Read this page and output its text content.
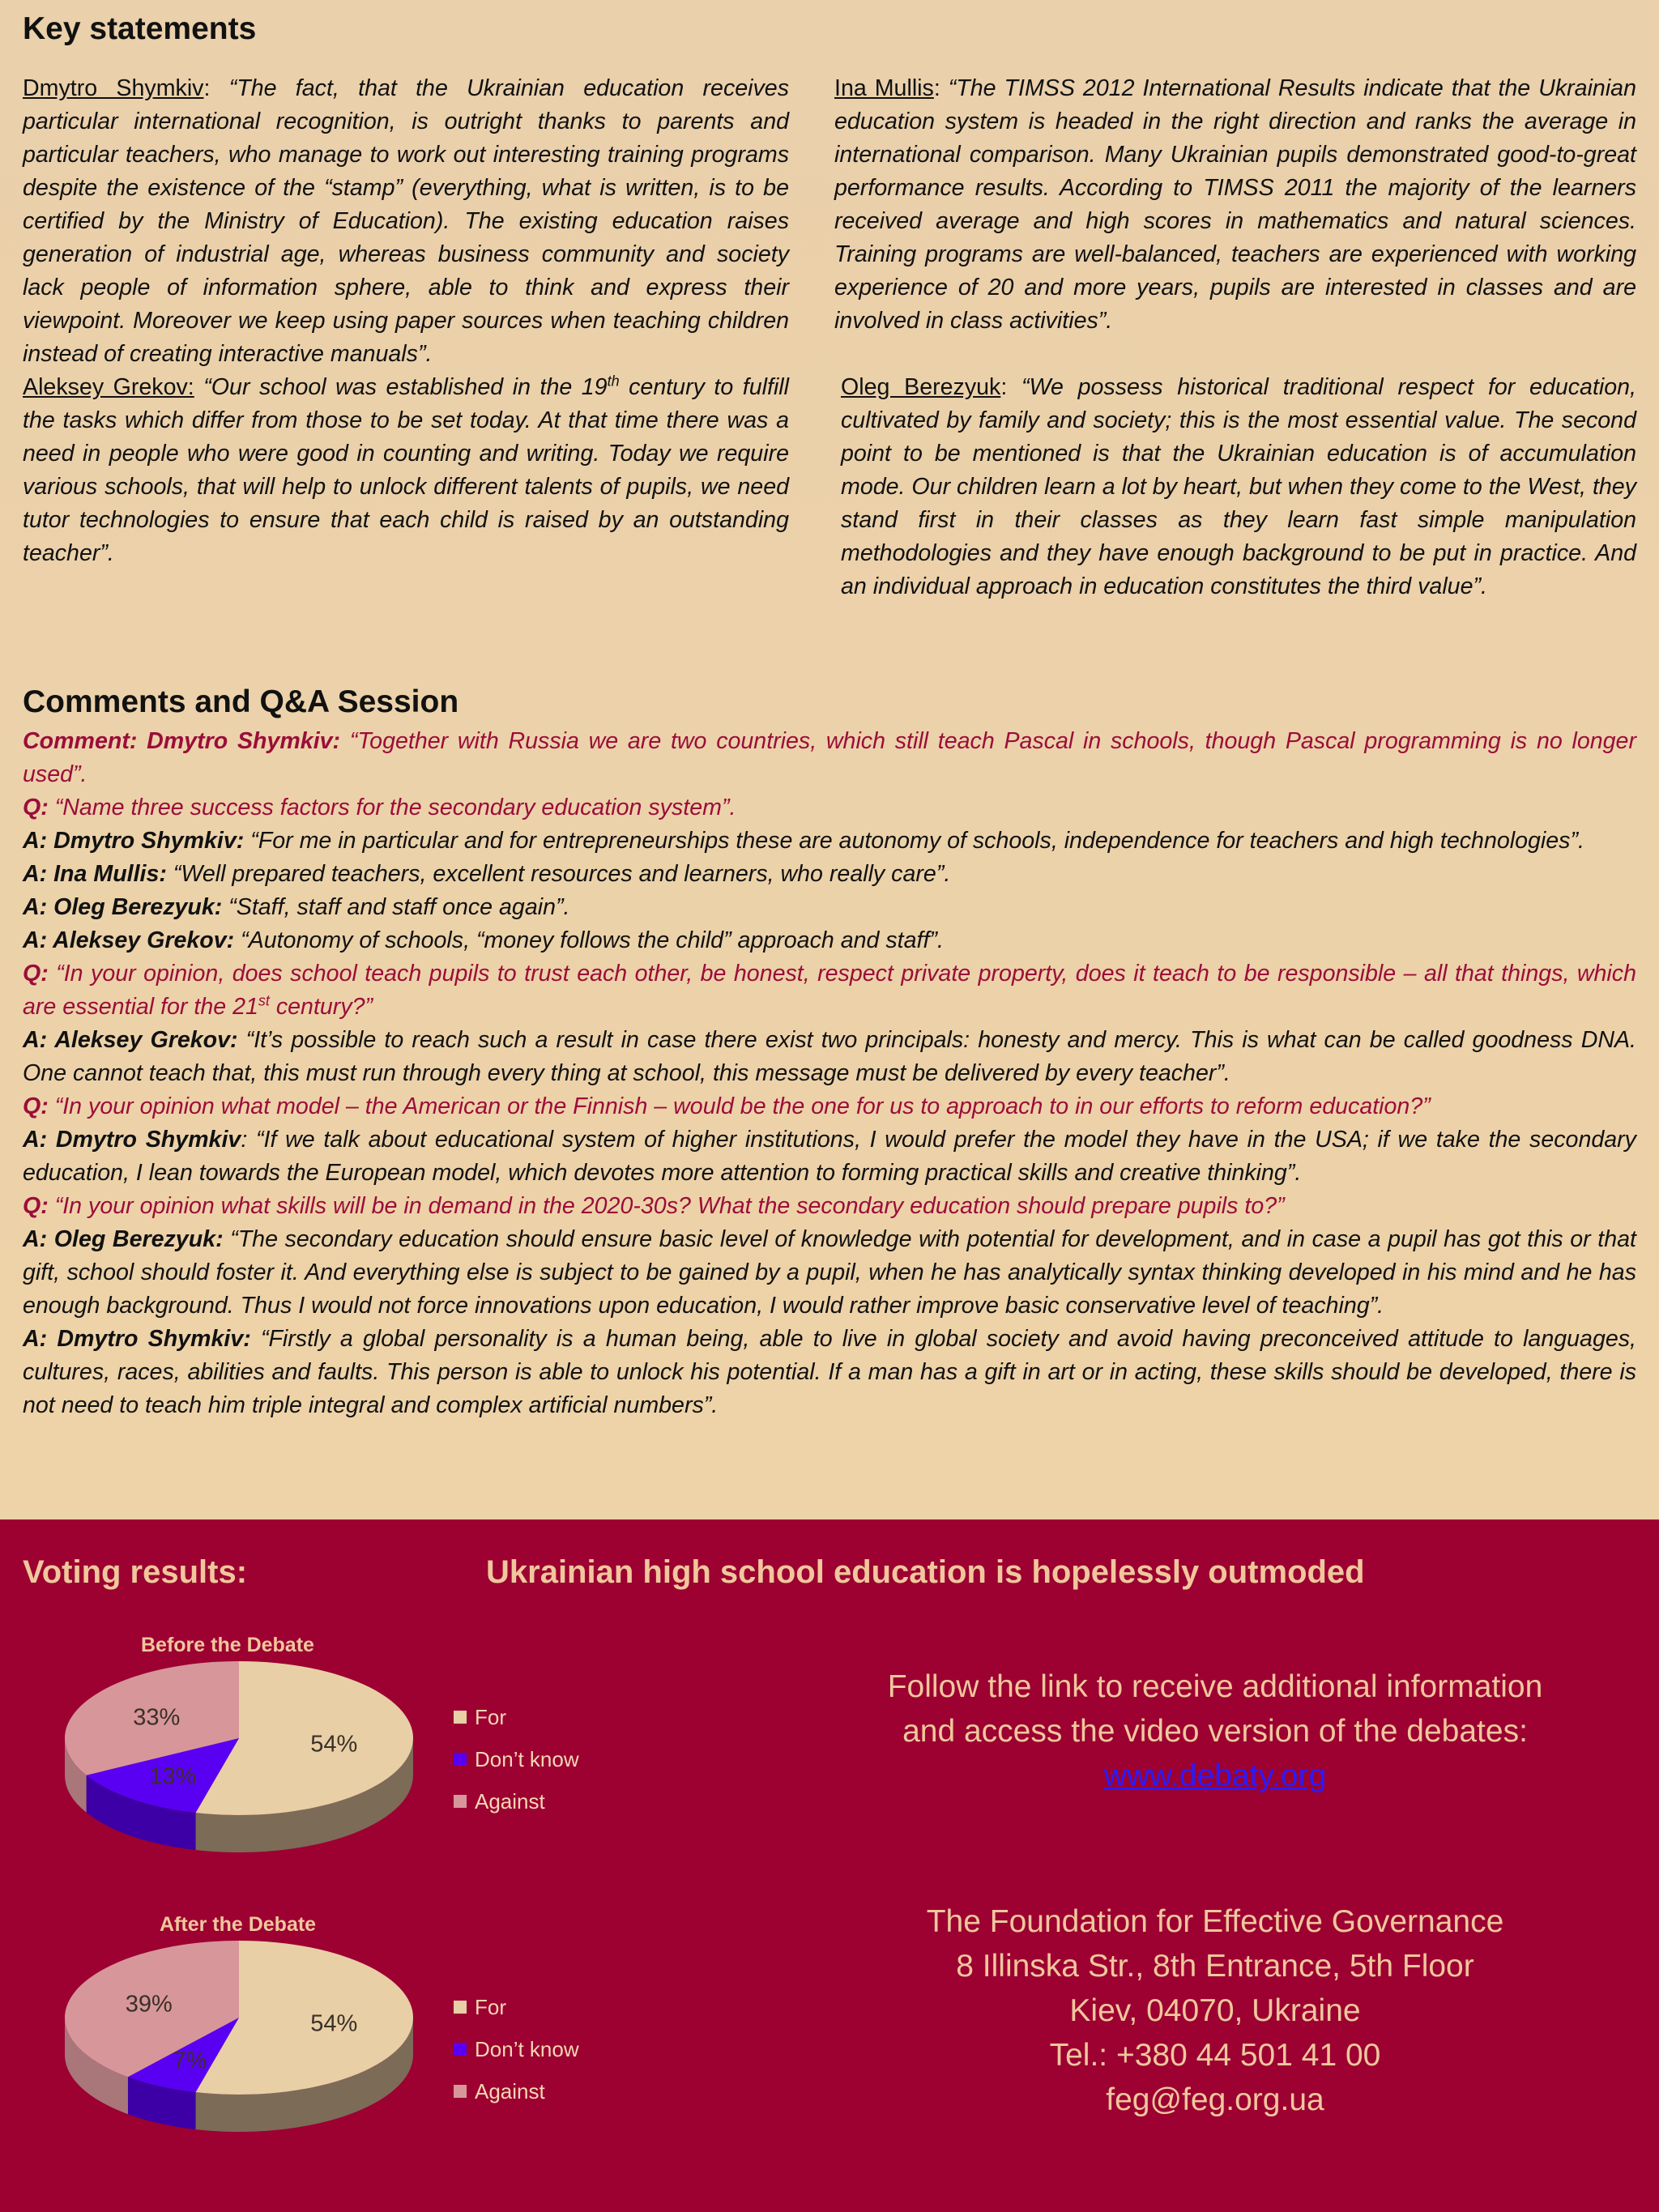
Key statements

Dmytro Shymkiv: “The fact, that the Ukrainian education receives particular international recognition, is outright thanks to parents and particular teachers, who manage to work out interesting training programs despite the existence of the “stamp” (everything, what is written, is to be certified by the Ministry of Education). The existing education raises generation of industrial age, whereas business community and society lack people of information sphere, able to think and express their viewpoint. Moreover we keep using paper sources when teaching children instead of creating interactive manuals”.

Aleksey Grekov: “Our school was established in the 19th century to fulfill the tasks which differ from those to be set today. At that time there was a need in people who were good in counting and writing. Today we require various schools, that will help to unlock different talents of pupils, we need tutor technologies to ensure that each child is raised by an outstanding teacher”.

Ina Mullis: “The TIMSS 2012 International Results indicate that the Ukrainian education system is headed in the right direction and ranks the average in international comparison. Many Ukrainian pupils demonstrated good-to-great performance results. According to TIMSS 2011 the majority of the learners received average and high scores in mathematics and natural sciences. Training programs are well-balanced, teachers are experienced with working experience of 20 and more years, pupils are interested in classes and are involved in class activities”.

Oleg Berezyuk: “We possess historical traditional respect for education, cultivated by family and society; this is the most essential value. The second point to be mentioned is that the Ukrainian education is of accumulation mode. Our children learn a lot by heart, but when they come to the West, they stand first in their classes as they learn fast simple manipulation methodologies and they have enough background to be put in practice. And an individual approach in education constitutes the third value”.

Comments and Q&A Session

Comment: Dmytro Shymkiv: “Together with Russia we are two countries, which still teach Pascal in schools, though Pascal programming is no longer used”.

Q: “Name three success factors for the secondary education system”.

A: Dmytro Shymkiv: “For me in particular and for entrepreneurships these are autonomy of schools, independence for teachers and high technologies”.

A: Ina Mullis: “Well prepared teachers, excellent resources and learners, who really care”.

A: Oleg Berezyuk: “Staff, staff and staff once again”.

A: Aleksey Grekov: “Autonomy of schools, “money follows the child” approach and staff”.

Q: “In your opinion, does school teach pupils to trust each other, be honest, respect private property, does it teach to be responsible – all that things, which are essential for the 21st century?”

A: Aleksey Grekov: “It’s possible to reach such a result in case there exist two principals: honesty and mercy. This is what can be called goodness DNA. One cannot teach that, this must run through every thing at school, this message must be delivered by every teacher”.

Q: “In your opinion what model – the American or the Finnish – would be the one for us to approach to in our efforts to reform education?”

A: Dmytro Shymkiv: “If we talk about educational system of higher institutions, I would prefer the model they have in the USA; if we take the secondary education, I lean towards the European model, which devotes more attention to forming practical skills and creative thinking”.

Q: “In your opinion what skills will be in demand in the 2020-30s? What the secondary education should prepare pupils to?”

A: Oleg Berezyuk: “The secondary education should ensure basic level of knowledge with potential for development, and in case a pupil has got this or that gift, school should foster it. And everything else is subject to be gained by a pupil, when he has analytically syntax thinking developed in his mind and he has enough background. Thus I would not force innovations upon education, I would rather improve basic conservative level of teaching”.

A: Dmytro Shymkiv: “Firstly a global personality is a human being, able to live in global society and avoid having preconceived attitude to languages, cultures, races, abilities and faults. This person is able to unlock his potential. If a man has a gift in art or in acting, these skills should be developed, there is not need to teach him triple integral and complex artificial numbers”.

Voting results:	Ukrainian high school education is hopelessly outmoded
Before the Debate
54%
13%
33%	For
Don’t know
Against
After the Debate
54%
7%
39%	For
Don’t know
Against
Follow the link to receive additional information
and access the video version of the debates:
www.debaty.org
The Foundation for Effective Governance
8 Illinska Str., 8th Entrance, 5th Floor
Kiev, 04070, Ukraine
Tel.: +380 44 501 41 00
feg@feg.org.ua
